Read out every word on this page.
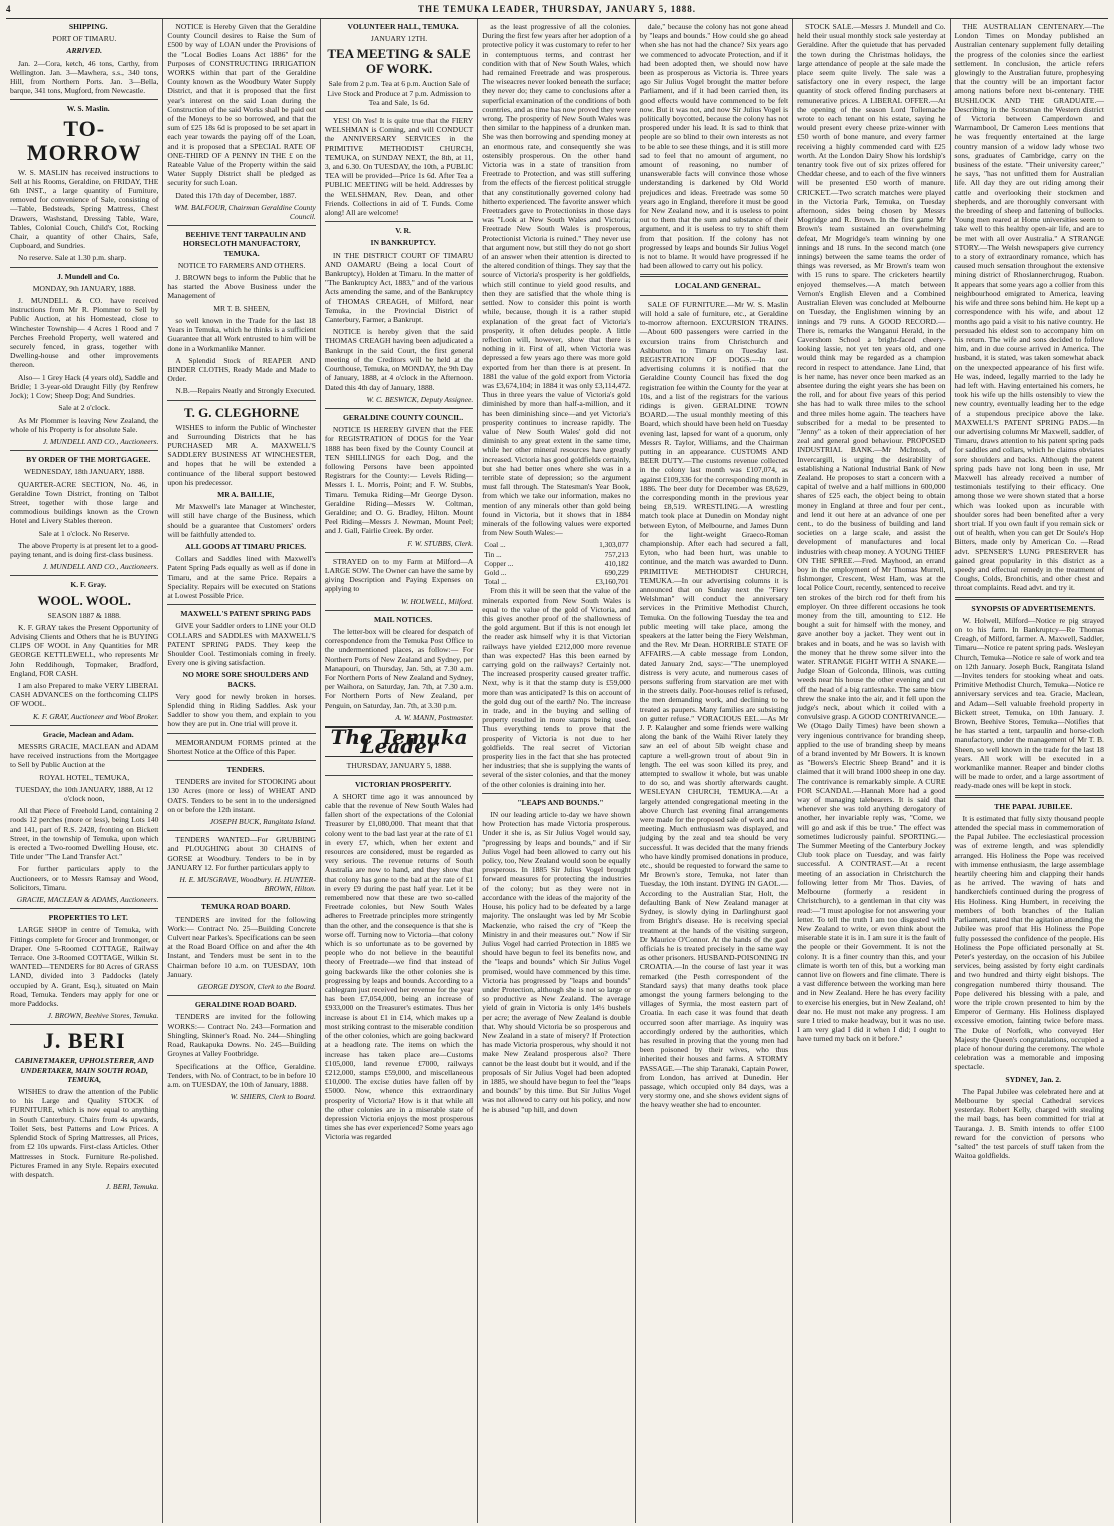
4	THE TEMUKA LEADER, THURSDAY, JANUARY 5, 1888.

SHIPPING.

PORT OF TIMARU.

ARRIVED.

Jan. 2—Cora, ketch, 46 tons, Carthy, from Wellington. Jan. 3—Mawhera, s.s., 340 tons, Hill, from Northern Ports. Jan. 3—Bella, barque, 341 tons, Mugford, from Newcastle.

W. S. Maslin.

TO-MORROW

W. S. MASLIN has received instructions to Sell at his Rooms, Geraldine, on FRIDAY, THE 6th INST., a large quantity of Furniture, removed for convenience of Sale, consisting of—Table, Bedsteads, Spring Mattress, Chest Drawers, Washstand, Dressing Table, Ware, Tables, Colonial Couch, Child's Cot, Rocking Chair, a quantity of other Chairs, Safe, Cupboard, and Sundries.

No reserve. Sale at 1.30 p.m. sharp.

J. Mundell and Co.

MONDAY, 9th JANUARY, 1888.

J. MUNDELL & CO. have received instructions from Mr R. Plommer to Sell by Public Auction, at his Homestead, close to Winchester Township— 4 Acres 1 Rood and 7 Perches Freehold Property, well watered and securely fenced, in grass, together with Dwelling-house and other improvements thereon.

Also— 1 Grey Hack (4 years old), Saddle and Bridle; 1 3-year-old Draught Filly (by Renfrew Jock); 1 Cow; Sheep Dog; And Sundries.

Sale at 2 o'clock.

As Mr Plommer is leaving New Zealand, the whole of his Property is for absolute Sale.

J. MUNDELL AND CO., Auctioneers.

BY ORDER OF THE MORTGAGEE.

WEDNESDAY, 18th JANUARY, 1888.

QUARTER-ACRE SECTION, No. 46, in Geraldine Town District, fronting on Talbot Street, together with those large and commodious buildings known as the Crown Hotel and Livery Stables thereon.

Sale at 1 o'clock. No Reserve.

The above Property is at present let to a good-paying tenant, and is doing first-class business.

J. MUNDELL AND CO., Auctioneers.

K. F. Gray.

WOOL. WOOL.

SEASON 1887 & 1888.

K. F. GRAY takes the Present Opportunity of Advising Clients and Others that he is BUYING CLIPS OF WOOL in Any Quantities for MR GEORGE KETTLEWELL, who represents Mr John Reddihough, Topmaker, Bradford, England, FOR CASH.

I am also Prepared to make VERY LIBERAL CASH ADVANCES on the forthcoming CLIPS OF WOOL.

K. F. GRAY, Auctioneer and Wool Broker.

Gracie, Maclean and Adam.

MESSRS GRACIE, MACLEAN and ADAM have received instructions from the Mortgagee to Sell by Public Auction at the

ROYAL HOTEL, TEMUKA,

TUESDAY, the 10th JANUARY, 1888, At 12 o'clock noon,

All that Piece of Freehold Land, containing 2 roods 12 perches (more or less), being Lots 140 and 141, part of R.S. 2428, fronting on Bickett Street, in the township of Temuka, upon which is erected a Two-roomed Dwelling House, etc. Title under "The Land Transfer Act."

For further particulars apply to the Auctioneers, or to Messrs Ramsay and Wood, Solicitors, Timaru.

GRACIE, MACLEAN & ADAMS, Auctioneers.

PROPERTIES TO LET.

LARGE SHOP in centre of Temuka, with Fittings complete for Grocer and Ironmonger, or Draper. One 5-Roomed COTTAGE, Railway Terrace. One 3-Roomed COTTAGE, Wilkin St. WANTED—TENDERS for 80 Acres of GRASS LAND, divided into 3 Paddocks (lately occupied by A. Grant, Esq.), situated on Main Road, Temuka. Tenders may apply for one or more Paddocks.

J. BROWN, Beehive Stores, Temuka.

J. BERI

CABINETMAKER, UPHOLSTERER, AND UNDERTAKER, MAIN SOUTH ROAD, TEMUKA,

WISHES to draw the attention of the Public to his Large and Quality STOCK of FURNITURE, which is now equal to anything in South Canterbury. Chairs from 4s upwards, Toilet Sets, best Patterns and Low Prices. A Splendid Stock of Spring Mattresses, all Prices, from £2 10s upwards. First-class Articles. Other Mattresses in Stock. Furniture Re-polished. Pictures Framed in any Style. Repairs executed with despatch.

J. BERI, Temuka.

NOTICE is Hereby Given that the Geraldine County Council desires to Raise the Sum of £500 by way of LOAN under the Provisions of the "Local Bodies Loans Act 1886" for the Purposes of CONSTRUCTING IRRIGATION WORKS within that part of the Geraldine County known as the Woodbury Water Supply District, and that it is proposed that the first year's interest on the said Loan during the Construction of the said Works shall be paid out of the Moneys to be so borrowed, and that the sum of £25 18s 6d is proposed to be set apart in each year towards the paying off of the Loan, and it is proposed that a SPECIAL RATE OF ONE-THIRD OF A PENNY IN THE £ on the Rateable Value of the Property within the said Water Supply District shall be pledged as security for such Loan.

Dated this 17th day of December, 1887.

WM. BALFOUR, Chairman Geraldine County Council.

BEEHIVE TENT TARPAULIN AND HORSECLOTH MANUFACTORY, TEMUKA.

NOTICE TO FARMERS AND OTHERS.

J. BROWN begs to inform the Public that he has started the Above Business under the Management of

MR T. B. SHEEN,

so well known in the Trade for the last 18 Years in Temuka, which he thinks is a sufficient Guarantee that all Work entrusted to him will be done in a Workmanlike Manner.

A Splendid Stock of REAPER AND BINDER CLOTHS, Ready Made and Made to Order.

N.B.—Repairs Neatly and Strongly Executed.

T. G. CLEGHORNE

WISHES to inform the Public of Winchester and Surrounding Districts that he has PURCHASED MR A. MAXWELL'S SADDLERY BUSINESS AT WINCHESTER, and hopes that he will be extended a continuance of the liberal support bestowed upon his predecessor.

MR A. BAILLIE,

Mr Maxwell's late Manager at Winchester, will still have charge of the Business, which should be a guarantee that Customers' orders will be faithfully attended to.

ALL GOODS AT TIMARU PRICES.

Collars and Saddles lined with Maxwell's Patent Spring Pads equally as well as if done in Timaru, and at the same Price. Repairs a Speciality. Repairs will be executed on Stations at Lowest Possible Price.

MAXWELL'S PATENT SPRING PADS

GIVE your Saddler orders to LINE your OLD COLLARS and SADDLES with MAXWELL'S PATENT SPRING PADS. They keep the Shoulder Cool. Testimonials coming in freely. Every one is giving satisfaction.

NO MORE SORE SHOULDERS AND BACKS.

Very good for newly broken in horses. Splendid thing in Riding Saddles. Ask your Saddler to show you them, and explain to you how they are put in. One trial will prove it.

MEMORANDUM FORMS printed at the Shortest Notice at the Office of this Paper.

TENDERS.

TENDERS are invited for STOOKING about 130 Acres (more or less) of WHEAT AND OATS. Tenders to be sent in to the undersigned on or before the 12th instant.

JOSEPH BUCK, Rangitata Island.

TENDERS WANTED—For GRUBBING and PLOUGHING about 30 CHAINS of GORSE at Woodbury. Tenders to be in by JANUARY 12. For further particulars apply to

H. E. MUSGRAVE, Woodbury. H. HUNTER-BROWN, Hilton.

TEMUKA ROAD BOARD.

TENDERS are invited for the following Work:— Contract No. 25—Building Concrete Culvert near Parkes's. Specifications can be seen at the Road Board Office on and after the 4th Instant, and Tenders must be sent in to the Chairman before 10 a.m. on TUESDAY, 10th January.

GEORGE DYSON, Clerk to the Board.

GERALDINE ROAD BOARD.

TENDERS are invited for the following WORKS:— Contract No. 243—Formation and Shingling, Skinner's Road. No. 244—Shingling Road, Raukapuka Downs. No. 245—Building Groynes at Valley Footbridge.

Specifications at the Office, Geraldine. Tenders, with No. of Contract, to be in before 10 a.m. on TUESDAY, the 10th of January, 1888.

W. SHIERS, Clerk to Board.

VOLUNTEER HALL, TEMUKA.

JANUARY 12TH.

TEA MEETING & SALE OF WORK.

Sale from 2 p.m. Tea at 6 p.m. Auction Sale of Live Stock and Produce at 7 p.m. Admission to Tea and Sale, 1s 6d.

YES! Oh Yes! It is quite true that the FIERY WELSHMAN is Coming, and will CONDUCT the ANNIVERSARY SERVICES in the PRIMITIVE METHODIST CHURCH, TEMUKA, on SUNDAY NEXT, the 8th, at 11, 3, and 6.30. On TUESDAY, the 10th, a PUBLIC TEA will be provided—Price 1s 6d. After Tea a PUBLIC MEETING will be held. Addresses by the WELSHMAN, Rev. Dean, and other Friends. Collections in aid of T. Funds. Come along! All are welcome!

V. R.

IN BANKRUPTCY.

IN THE DISTRICT COURT OF TIMARU AND OAMARU (Being a local Court of Bankruptcy), Holden at Timaru. In the matter of "The Bankruptcy Act, 1883," and of the various Acts amending the same, and of the Bankruptcy of THOMAS CREAGH, of Milford, near Temuka, in the Provincial District of Canterbury, Farmer, a Bankrupt.

NOTICE is hereby given that the said THOMAS CREAGH having been adjudicated a Bankrupt in the said Court, the first general meeting of the Creditors will be held at the Courthouse, Temuka, on MONDAY, the 9th Day of January, 1888, at 4 o'clock in the Afternoon. Dated this 4th day of January, 1888.

W. C. BESWICK, Deputy Assignee.

GERALDINE COUNTY COUNCIL.

NOTICE IS HEREBY GIVEN that the FEE for REGISTRATION of DOGS for the Year 1888 has been fixed by the County Council at TEN SHILLINGS for each Dog, and the following Persons have been appointed Registrars for the County:— Levels Riding—Messrs I. L. Morris, Point; and F. W. Stubbs, Timaru. Temuka Riding—Mr George Dyson. Geraldine Riding—Messrs W. Coltman, Geraldine; and O. G. Bradley, Hilton. Mount Peel Riding—Messrs J. Newman, Mount Peel; and J. Gall, Fairlie Creek. By order.

F. W. STUBBS, Clerk.

STRAYED on to my Farm at Milford—A LARGE SOW. The Owner can have the same by giving Description and Paying Expenses on applying to

W. HOLWELL, Milford.

MAIL NOTICES.

The letter-box will be cleared for despatch of correspondence from the Temuka Post Office to the undermentioned places, as follow:— For Northern Ports of New Zealand and Sydney, per Manapouri, on Thursday, Jan. 5th, at 7.30 a.m. For Northern Ports of New Zealand and Sydney, per Waihora, on Saturday, Jan. 7th, at 7.30 a.m. For Northern Ports of New Zealand, per Penguin, on Saturday, Jan. 7th, at 3.30 p.m.

A. W. MANN, Postmaster.

The Temuka Leader

THURSDAY, JANUARY 5, 1888.

VICTORIAN PROSPERITY.

A SHORT time ago it was announced by cable that the revenue of New South Wales had fallen short of the expectations of the Colonial Treasurer by £1,080,000. That meant that that colony went to the bad last year at the rate of £1 in every £7, which, when her extent and resources are considered, must be regarded as very serious. The revenue returns of South Australia are now to hand, and they show that that colony has gone to the bad at the rate of £1 in every £9 during the past half year. Let it be remembered now that these are two so-called Freetrade colonies, but New South Wales adheres to Freetrade principles more stringently than the other, and the consequence is that she is worse off. Turning now to Victoria—that colony which is so unfortunate as to be governed by people who do not believe in the beautiful theory of Freetrade—we find that instead of going backwards like the other colonies she is progressing by leaps and bounds. According to a cablegram just received her revenue for the year has been £7,054,000, being an increase of £933,000 on the Treasurer's estimates. Thus her increase is about £1 in £14, which makes up a most striking contrast to the miserable condition of the other colonies, which are going backward at a headlong rate. The items on which the increase has taken place are—Customs £105,000, land revenue £7000, railways £212,000, stamps £59,000, and miscellaneous £10,000. The excise duties have fallen off by £5000. Now, whence this extraordinary prosperity of Victoria? How is it that while all the other colonies are in a miserable state of depression Victoria enjoys the most prosperous times she has ever experienced? Some years ago Victoria was regarded

as the least progressive of all the colonies. During the first few years after her adoption of a protective policy it was customary to refer to her in contemptuous terms, and contrast her condition with that of New South Wales, which had remained Freetrade and was prosperous. The wiseacres never looked beneath the surface; they never do; they came to conclusions after a superficial examination of the conditions of both countries, and as time has now proved they were wrong. The prosperity of New South Wales was then similar to the happiness of a drunken man. She was then borrowing and spending money at an enormous rate, and consequently she was ostensibly prosperous. On the other hand Victoria was in a state of transition from Freetrade to Protection, and was still suffering from the effects of the fiercest political struggle that any constitutionally governed colony had hitherto experienced. The favorite answer which Freetraders gave to Protectionists in those days was "Look at New South Wales and Victoria; Freetrade New South Wales is prosperous, Protectionist Victoria is ruined." They never use that argument now, but still they do not go short of an answer when their attention is directed to the altered condition of things. They say that the source of Victoria's prosperity is her goldfields, which still continue to yield good results, and then they are satisfied that the whole thing is settled. Now to consider this point is worth while, because, though it is a rather stupid explanation of the great fact of Victoria's prosperity, it often deludes people. A little reflection will, however, show that there is nothing in it. First of all, when Victoria was depressed a few years ago there was more gold exported from her than there is at present. In 1881 the value of the gold export from Victoria was £3,674,104; in 1884 it was only £3,114,472. Thus in three years the value of Victoria's gold diminished by more than half-a-million, and it has been diminishing since—and yet Victoria's prosperity continues to increase rapidly. The value of New South Wales' gold did not diminish to any great extent in the same time, while her other mineral resources have greatly increased. Victoria has good goldfields certainly, but she had better ones where she was in a terrible state of depression; so the argument must fall through. The Statesman's Year Book, from which we take our information, makes no mention of any minerals other than gold being found in Victoria, but it shows that in 1884 minerals of the following values were exported from New South Wales:—

Coal ...	1,303,077
Tin ...	757,213
Copper ...	410,182
Gold ...	690,229
Total ...	£3,160,701

From this it will be seen that the value of the minerals exported from New South Wales is equal to the value of the gold of Victoria, and this gives another proof of the shallowness of the gold argument. But if this is not enough let the reader ask himself why it is that Victorian railways have yielded £212,000 more revenue than was expected? Has this been earned by carrying gold on the railways? Certainly not. The increased prosperity caused greater traffic. Next, why is it that the stamp duty is £59,000 more than was anticipated? Is this on account of the gold dug out of the earth? No. The increase in trade, and in the buying and selling of property resulted in more stamps being used. Thus everything tends to prove that the prosperity of Victoria is not due to her goldfields. The real secret of Victorian prosperity lies in the fact that she has protected her industries; that she is supplying the wants of several of the sister colonies, and that the money of the other colonies is draining into her.

"LEAPS AND BOUNDS."

IN our leading article to-day we have shown how Protection has made Victoria prosperous. Under it she is, as Sir Julius Vogel would say, "progressing by leaps and bounds," and if Sir Julius Vogel had been allowed to carry out his policy, too, New Zealand would soon be equally prosperous. In 1885 Sir Julius Vogel brought forward measures for protecting the industries of the colony; but as they were not in accordance with the ideas of the majority of the House, his policy had to be defeated by a large majority. The onslaught was led by Mr Scobie Mackenzie, who raised the cry of "Keep the Ministry in and their measures out." Now if Sir Julius Vogel had carried Protection in 1885 we should have begun to feel its benefits now, and the "leaps and bounds" which Sir Julius Vogel promised, would have commenced by this time. Victoria has progressed by "leaps and bounds" under Protection, although she is not so large or so productive as New Zealand. The average yield of grain in Victoria is only 14½ bushels per acre; the average of New Zealand is double that. Why should Victoria be so prosperous and New Zealand in a state of misery? If Protection has made Victoria prosperous, why should it not make New Zealand prosperous also? There cannot be the least doubt but it would, and if the proposals of Sir Julius Vogel had been adopted in 1885, we should have begun to feel the "leaps and bounds" by this time. But Sir Julius Vogel was not allowed to carry out his policy, and now he is abused "up hill, and down

dale," because the colony has not gone ahead by "leaps and bounds." How could she go ahead when she has not had the chance? Six years ago we commenced to advocate Protection, and if it had been adopted then, we should now have been as prosperous as Victoria is. Three years ago Sir Julius Vogel brought the matter before Parliament, and if it had been carried then, its good effects would have commenced to be felt now. But it was not, and now Sir Julius Vogel is politically boycotted, because the colony has not prospered under his lead. It is sad to think that people are so blind to their own interests as not to be able to see these things, and it is still more sad to feel that no amount of argument, no amount of reasoning, no number of unanswerable facts will convince those whose understanding is darkened by Old World prejudices and ideas. Freetrade was some 50 years ago in England, therefore it must be good for New Zealand now, and it is useless to point out to them that the sum and substance of their argument, and it is useless to try to shift them from that position. If the colony has not progressed by leaps and bounds Sir Julius Vogel is not to blame. It would have progressed if he had been allowed to carry out his policy.

LOCAL AND GENERAL.

SALE OF FURNITURE.—Mr W. S. Maslin will hold a sale of furniture, etc., at Geraldine to-morrow afternoon. EXCURSION TRAINS.—About 600 passengers were carried in the excursion trains from Christchurch and Ashburton to Timaru on Tuesday last. REGISTRATION OF DOGS.—In our advertising columns it is notified that the Geraldine County Council has fixed the dog registration fee within the County for the year at 10s, and a list of the registrars for the various ridings is given. GERALDINE TOWN BOARD.—The usual monthly meeting of this Board, which should have been held on Tuesday evening last, lapsed for want of a quorum, only Messrs R. Taylor, Williams, and the Chairman putting in an appearance. CUSTOMS AND BEER DUTY.—The customs revenue collected in the colony last month was £107,074, as against £109,336 for the corresponding month in 1886. The beer duty for December was £8,629, the corresponding month in the previous year being £8,519. WRESTLING.—A wrestling match took place at Dunedin on Monday night between Eyton, of Melbourne, and James Dunn for the light-weight Graeco-Roman championship. After each had secured a fall, Eyton, who had been hurt, was unable to continue, and the match was awarded to Dunn. PRIMITIVE METHODIST CHURCH, TEMUKA.—In our advertising columns it is announced that on Sunday next the "Fiery Welshman" will conduct the anniversary services in the Primitive Methodist Church, Temuka. On the following Tuesday the tea and public meeting will take place, among the speakers at the latter being the Fiery Welshman, and the Rev. Mr Dean. HORRIBLE STATE OF AFFAIRS.—A cable message from London, dated January 2nd, says:—"The unemployed distress is very acute, and numerous cases of persons suffering from starvation are met with in the streets daily. Poor-houses relief is refused, the men demanding work, and declining to be treated as paupers. Many families are subsisting on gutter refuse." VORACIOUS EEL.—As Mr J. P. Kalaugher and some friends were walking along the bank of the Waihi River lately they saw an eel of about 5lb weight chase and capture a well-grown trout of about 9in in length. The eel was soon killed its prey, and attempted to swallow it whole, but was unable to do so, and was shortly afterwards caught. WESLEYAN CHURCH, TEMUKA.—At a largely attended congregational meeting in the above Church last evening final arrangements were made for the proposed sale of work and tea meeting. Much enthusiasm was displayed, and judging by the zeal and tea should be very successful. It was decided that the many friends who have kindly promised donations in produce, etc., should be requested to forward the same to Mr Brown's store, Temuka, not later than Tuesday, the 10th instant. DYING IN GAOL.—According to the Australian Star, Holt, the defaulting Bank of New Zealand manager at Sydney, is slowly dying in Darlinghurst gaol from Bright's disease. He is receiving special treatment at the hands of the visiting surgeon, Dr Maurice O'Connor. At the hands of the gaol officials he is treated precisely in the same way as other prisoners. HUSBAND-POISONING IN CROATIA.—In the course of last year it was remarked (the Pesth correspondent of the Standard says) that many deaths took place amongst the young farmers belonging to the villages of Syrmia, the most eastern part of Croatia. In each case it was found that death occurred soon after marriage. As inquiry was accordingly ordered by the authorities, which has resulted in proving that the young men had been poisoned by their wives, who thus inherited their houses and farms. A STORMY PASSAGE.—The ship Taranaki, Captain Power, from London, has arrived at Dunedin. Her passage, which occupied only 84 days, was a very stormy one, and she shows evident signs of the heavy weather she had to encounter.

STOCK SALE.—Messrs J. Mundell and Co. held their usual monthly stock sale yesterday at Geraldine. After the quietude that has pervaded the town during the Christmas holidays, the large attendance of people at the sale made the place seem quite lively. The sale was a satisfactory one in every respect, the large quantity of stock offered finding purchasers at remunerative prices. A LIBERAL OFFER.—At the opening of the season Lord Tollemache wrote to each tenant on his estate, saying he would present every cheese prize-winner with £50 worth of bone manure, and every farmer receiving a highly commended card with £25 worth. At the London Dairy Show his lordship's tenantry took five out of six prizes offered for Cheddar cheese, and to each of the five winners will be presented £50 worth of manure. CRICKET.—Two scratch matches were played in the Victoria Park, Temuka, on Tuesday afternoon, sides being chosen by Messrs Mogridge and R. Brown. In the first game Mr Brown's team sustained an overwhelming defeat, Mr Mogridge's team winning by one innings and 18 runs. In the second match (one innings) between the same teams the order of things was reversed, as Mr Brown's team won with 15 runs to spare. The cricketers heartily enjoyed themselves.—A match between Vernon's English Eleven and a Combined Australian Eleven was concluded at Melbourne on Tuesday, the Englishmen winning by an innings and 79 runs. A GOOD RECORD.—There is, remarks the Wanganui Herald, in the Cavershom School a bright-faced cheery-looking lassie, not yet ten years old, and one would think may be regarded as a champion record in respect to attendance. Jane Lind, that is her name, has never once been marked as an absentee during the eight years she has been on the roll, and for about five years of this period she has had to walk three miles to the school and three miles home again. The teachers have subscribed for a medal to be presented to "Jenny" as a token of their appreciation of her zeal and general good behaviour. PROPOSED INDUSTRIAL BANK.—Mr McIntosh, of Invercargill, is urging the desirability of establishing a National Industrial Bank of New Zealand. He proposes to start a concern with a capital of twelve and a half millions in 600,000 shares of £25 each, the object being to obtain money in England at three and four per cent., and lend it out here at an advance of one per cent., to do the business of building and land societies on a large scale, and assist the development of manufactures and local industries with cheap money. A YOUNG THIEF ON THE SPREE.—Fred. Mayhood, an errand boy in the employment of Mr Thomas Murrell, fishmonger, Crescent, West Ham, was at the local Police Court, recently, sentenced to receive ten strokes of the birch rod for theft from his employer. On three different occasions he took money from the till, amounting to £12. He bought a suit for himself with the money, and gave another boy a jacket. They went out in brakes and in boats, and he was so lavish with the money that he threw some silver into the water. STRANGE FIGHT WITH A SNAKE.—Judge Sloan of Golconda, Illinois, was cutting weeds near his house the other evening and cut off the head of a big rattlesnake. The same blow threw the snake into the air, and it fell upon the judge's neck, about which it coiled with a convulsive grasp. A GOOD CONTRIVANCE.—We (Otago Daily Times) have been shown a very ingenious contrivance for branding sheep, applied to the use of branding sheep by means of a brand invented by Mr Bowers. It is known as "Bowers's Electric Sheep Brand" and it is claimed that it will brand 1000 sheep in one day. The contrivance is remarkably simple. A CURE FOR SCANDAL.—Hannah More had a good way of managing talebearers. It is said that whenever she was told anything derogatory of another, her invariable reply was, "Come, we will go and ask if this be true." The effect was sometimes ludicrously painful. SPORTING.—The Summer Meeting of the Canterbury Jockey Club took place on Tuesday, and was fairly successful. A CONTRAST.—At a recent meeting of an association in Christchurch the following letter from Mr Thos. Davies, of Melbourne (formerly a resident in Christchurch), to a gentleman in that city was read:—"I must apologise for not answering your letter. To tell the truth I am too disgusted with New Zealand to write, or even think about the miserable state it is in. I am sure it is the fault of the people or their Government. It is not the colony. It is a finer country than this, and your climate is worth ten of this, but a working man cannot live on flowers and fine climate. There is a vast difference between the working man here and in New Zealand. Here he has every facility to exercise his energies, but in New Zealand, oh! dear no. He must not make any progress. I am sure I tried to make headway, but it was no use. I am very glad I did it when I did; I ought to have turned my back on it before."

THE AUSTRALIAN CENTENARY.—The London Times on Monday published an Australian centenary supplement fully detailing the progress of the colonies since the earliest settlement. In conclusion, the article refers glowingly to the Australian future, prophesying that the country will be an important factor among nations before next bi-centenary. THE BUSHLOCK AND THE GRADUATE.—Describing in the Scotsman the Western district of Victoria between Camperdown and Warrnambool, Dr Cameron Lees mentions that he was frequently entertained at the large country mansion of a widow lady whose two sons, graduates of Cambridge, carry on the business of the estate. "Their university career," he says, "has not unfitted them for Australian life. All day they are out riding among their cattle and overlooking their stockmen and shepherds, and are thoroughly conversant with the breeding of sheep and fattening of bullocks. Young men reared at Home universities seem to take well to this healthy open-air life, and are to be met with all over Australia." A STRANGE STORY.—The Welsh newspapers give currency to a story of extraordinary romance, which has caused much sensation throughout the extensive mining district of Rhoslannerchrugog, Ruabon. It appears that some years ago a collier from this neighbourhood emigrated to America, leaving his wife and three sons behind him. He kept up a correspondence with his wife, and about 12 months ago paid a visit to his native country. He persuaded his eldest son to accompany him on his return. The wife and sons decided to follow him, and in due course arrived in America. The husband, it is stated, was taken somewhat aback on the unexpected appearance of his first wife. He was, indeed, legally married to the lady he had left with. Having entertained his comers, he took his wife up the hills ostensibly to view the new country, eventually leading her to the edge of a stupendous precipice above the lake. MAXWELL'S PATENT SPRING PADS.—In our advertising columns Mr Maxwell, saddler, of Timaru, draws attention to his patent spring pads for saddles and collars, which he claims obviates sore shoulders and backs. Although the patent spring pads have not long been in use, Mr Maxwell has already received a number of testimonials testifying to their efficacy. One among those we were shown stated that a horse which was looked upon as incurable with shoulder sores had been benefited after a very short trial. If you own fault if you remain sick or out of health, when you can get Dr Soule's Hop Bitters, made only by American Co. —Read advt. SPENSER'S LUNG PRESERVER has gained great popularity in this district as a speedy and effectual remedy in the treatment of Coughs, Colds, Bronchitis, and other chest and throat complaints. Read advt. and try it.

SYNOPSIS OF ADVERTISEMENTS.

W. Holwell, Milford—Notice re pig strayed on to his farm. In Bankruptcy—Re Thomas Creagh, of Milford, farmer. A. Maxwell, Saddler, Timaru—Notice re patent spring pads. Wesleyan Church, Temuka—Notice re sale of work and tea on 12th January. Joseph Buck, Rangitata Island—Invites tenders for stooking wheat and oats. Primitive Methodist Church, Temuka—Notice re anniversary services and tea. Gracie, Maclean, and Adam—Sell valuable freehold property in Bickett street, Temuka, on 10th January. J. Brown, Beehive Stores, Temuka—Notifies that he has started a tent, tarpaulin and horse-cloth manufactory, under the management of Mr T. B. Sheen, so well known in the trade for the last 18 years. All work will be executed in a workmanlike manner. Reaper and binder cloths will be made to order, and a large assortment of ready-made ones will be kept in stock.

THE PAPAL JUBILEE.

It is estimated that fully sixty thousand people attended the special mass in commemoration of the Papal Jubilee. The ecclesiastical procession was of extreme length, and was splendidly arranged. His Holiness the Pope was received with immense enthusiasm, the large assemblage heartily cheering him and clapping their hands as he arrived. The waving of hats and handkerchiefs continued during the progress of His Holiness. King Humbert, in receiving the members of both branches of the Italian Parliament, stated that the agitation attending the Jubilee was proof that His Holiness the Pope fully possessed the confidence of the people. His Holiness the Pope officiated personally at St. Peter's yesterday, on the occasion of his Jubilee services, being assisted by forty eight cardinals and two hundred and thirty eight bishops. The congregation numbered thirty thousand. The Pope delivered his blessing with a pale, and wore the triple crown presented to him by the Emperor of Germany. His Holiness displayed excessive emotion, fainting twice before mass. The Duke of Norfolk, who conveyed Her Majesty the Queen's congratulations, occupied a place of honour during the ceremony. The whole celebration was a memorable and imposing spectacle.

SYDNEY, Jan. 2.

The Papal Jubilee was celebrated here and at Melbourne by special Cathedral services yesterday. Robert Kelly, charged with stealing the mail bags, has been committed for trial at Tauranga. J. B. Smith intends to offer £100 reward for the conviction of persons who "salted" the test parcels of stuff taken from the Waitoa goldfields.
